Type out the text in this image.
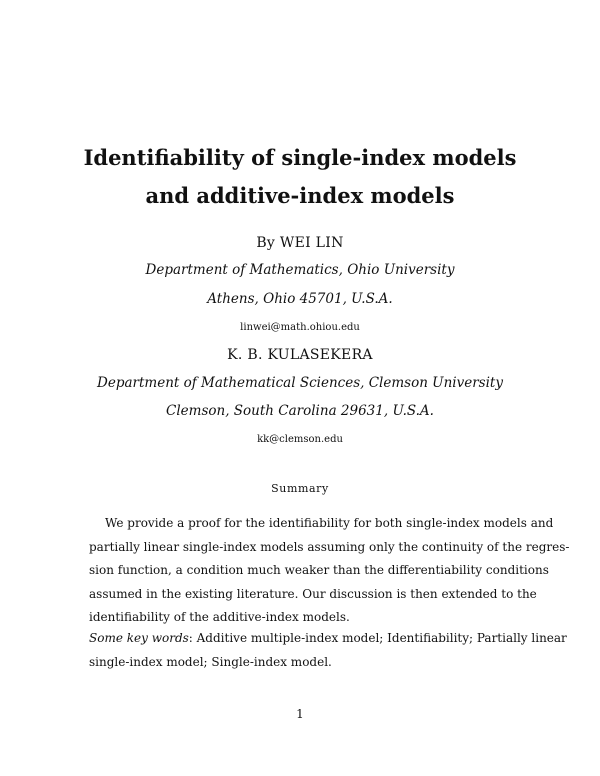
Identifiability of single-index models
and additive-index models
By WEI LIN
Department of Mathematics, Ohio University
Athens, Ohio 45701, U.S.A.
linwei@math.ohiou.edu
K. B. KULASEKERA
Department of Mathematical Sciences, Clemson University
Clemson, South Carolina 29631, U.S.A.
kk@clemson.edu
Summary
We provide a proof for the identifiability for both single-index models and
partially linear single-index models assuming only the continuity of the regres-
sion function, a condition much weaker than the differentiability conditions
assumed in the existing literature. Our discussion is then extended to the
identifiability of the additive-index models.
Some key words: Additive multiple-index model; Identifiability; Partially linear
single-index model; Single-index model.
1
